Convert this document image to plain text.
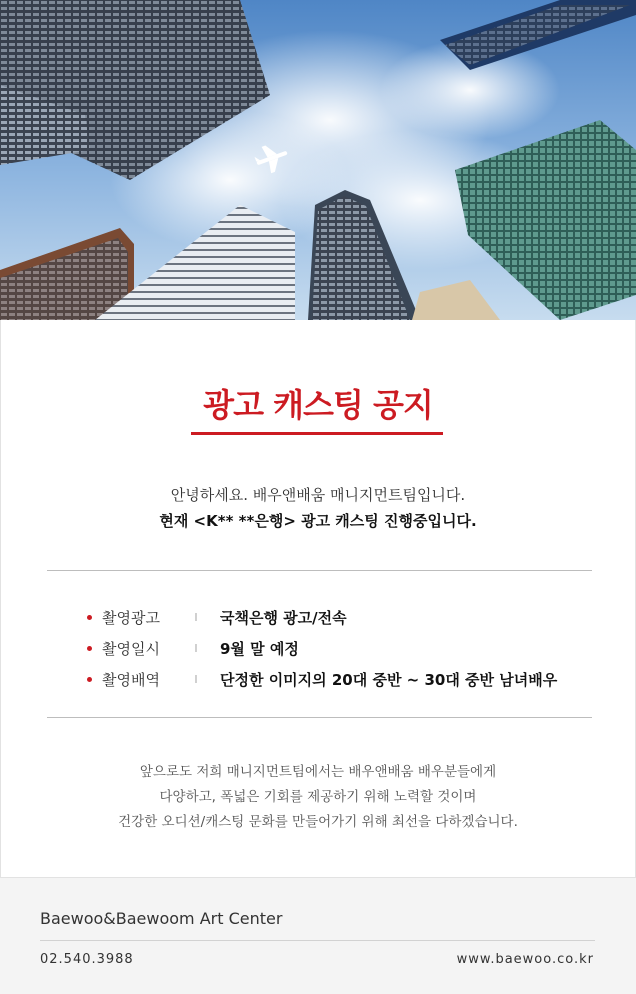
광고 캐스팅 공지
안녕하세요. 배우앤배움 매니지먼트팀입니다.
현재 <K** **은행> 광고 캐스팅 진행중입니다.
촬영광고	I	국책은행 광고/전속
촬영일시	I	9월 말 예정
촬영배역	I	단정한 이미지의 20대 중반 ~ 30대 중반 남녀배우
앞으로도 저희 매니지먼트팀에서는 배우앤배움 배우분들에게
다양하고, 폭넓은 기회를 제공하기 위해 노력할 것이며
건강한 오디션/캐스팅 문화를 만들어가기 위해 최선을 다하겠습니다.
Baewoo&Baewoom Art Center
02.540.3988	www.baewoo.co.kr
